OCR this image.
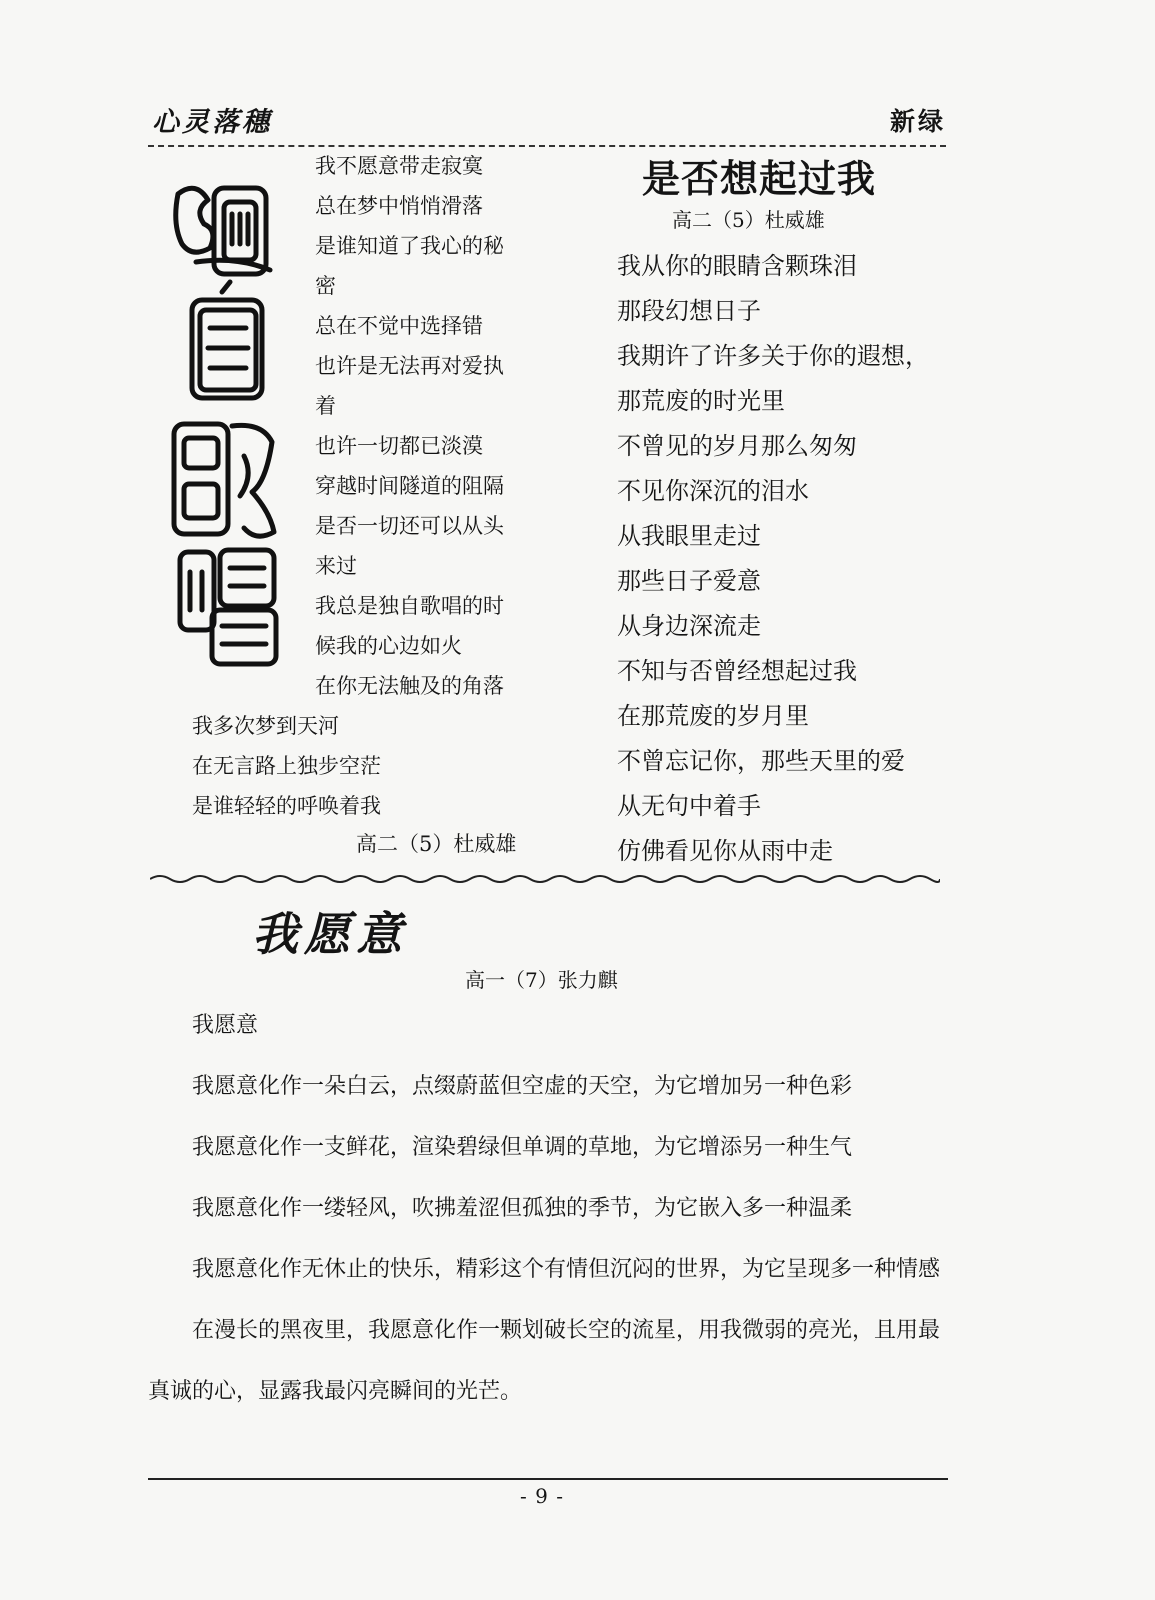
心灵落穗	新绿
我不愿意带走寂寞
总在梦中悄悄滑落
是谁知道了我心的秘
密
总在不觉中选择错
也许是无法再对爱执
着
也许一切都已淡漠
穿越时间隧道的阻隔
是否一切还可以从头
来过
我总是独自歌唱的时
候我的心边如火
在你无法触及的角落
我多次梦到天河
在无言路上独步空茫
是谁轻轻的呼唤着我
高二（5）杜威雄
是否想起过我
高二（5）杜威雄
我从你的眼睛含颗珠泪
那段幻想日子
我期许了许多关于你的遐想，
那荒废的时光里
不曾见的岁月那么匆匆
不见你深沉的泪水
从我眼里走过
那些日子爱意
从身边深流走
不知与否曾经想起过我
在那荒废的岁月里
不曾忘记你，那些天里的爱
从无句中着手
仿佛看见你从雨中走
我愿意
高一（7）张力麒

我愿意

我愿意化作一朵白云，点缀蔚蓝但空虚的天空，为它增加另一种色彩

我愿意化作一支鲜花，渲染碧绿但单调的草地，为它增添另一种生气

我愿意化作一缕轻风，吹拂羞涩但孤独的季节，为它嵌入多一种温柔

我愿意化作无休止的快乐，精彩这个有情但沉闷的世界，为它呈现多一种情感

在漫长的黑夜里，我愿意化作一颗划破长空的流星，用我微弱的亮光，且用最真诚的心，显露我最闪亮瞬间的光芒。

- 9 -
